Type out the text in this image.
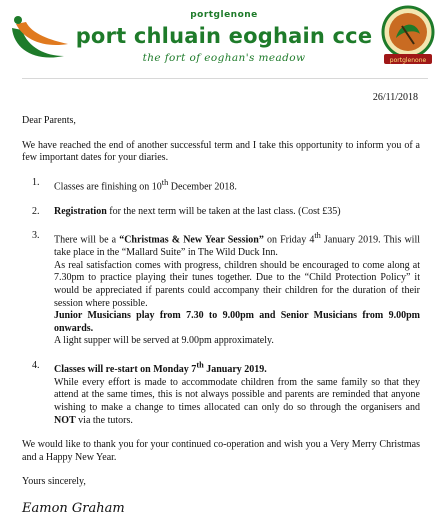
portglenone
port chluain eoghain cce
the fort of eoghan's meadow	portglenone
26/11/2018

Dear Parents,

We have reached the end of another successful term and I take this opportunity to inform you of a few important dates for your diaries.

1. Classes are finishing on 10th December 2018.
2. Registration for the next term will be taken at the last class. (Cost £35)
3. There will be a “Christmas & New Year Session” on Friday 4th January 2019. This will take place in the “Mallard Suite” in The Wild Duck Inn.

As real satisfaction comes with progress, children should be encouraged to come along at 7.30pm to practice playing their tunes together. Due to the “Child Protection Policy” it would be appreciated if parents could accompany their children for the duration of their session where possible.

Junior Musicians play from 7.30 to 9.00pm and Senior Musicians from 9.00pm onwards.

A light supper will be served at 9.00pm approximately.

4. Classes will re-start on Monday 7th January 2019.

While every effort is made to accommodate children from the same family so that they attend at the same times, this is not always possible and parents are reminded that anyone wishing to make a change to times allocated can only do so through the organisers and NOT via the tutors.

We would like to thank you for your continued co-operation and wish you a Very Merry Christmas and a Happy New Year.

Yours sincerely,

Eamon Graham
